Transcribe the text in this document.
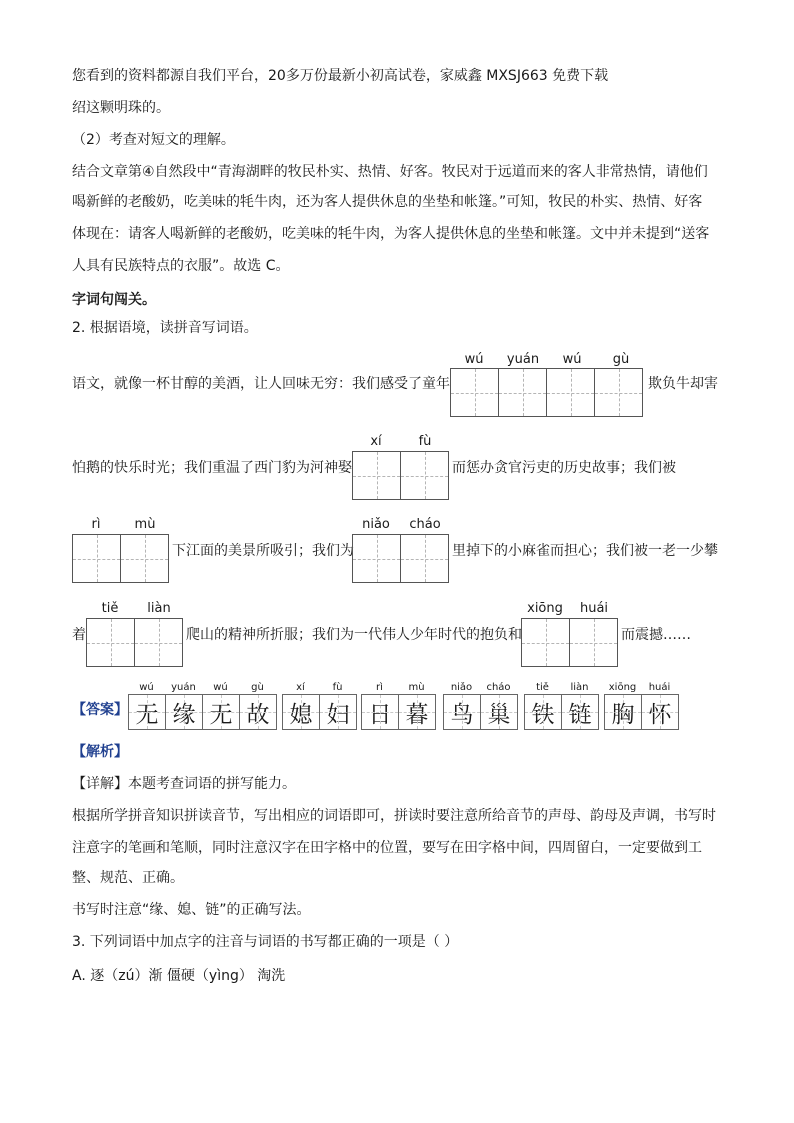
您看到的资料都源自我们平台，20多万份最新小初高试卷，家威鑫 MXSJ663 免费下载
绍这颗明珠的。
（2）考查对短文的理解。
结合文章第④自然段中“青海湖畔的牧民朴实、热情、好客。牧民对于远道而来的客人非常热情，请他们
喝新鲜的老酸奶，吃美味的牦牛肉，还为客人提供休息的坐垫和帐篷。”可知，牧民的朴实、热情、好客
体现在：请客人喝新鲜的老酸奶，吃美味的牦牛肉，为客人提供休息的坐垫和帐篷。文中并未提到“送客
人具有民族特点的衣服”。故选 C。
字词句闯关。
2. 根据语境，读拼音写词语。
wú	yuán	wú	gù
语文，就像一杯甘醇的美酒，让人回味无穷：我们感受了童年	欺负牛却害
xí	fù
怕鹅的快乐时光；我们重温了西门豹为河神娶	而惩办贪官污吏的历史故事；我们被
rì	mù
下江面的美景所吸引；我们为
niǎo	cháo
里掉下的小麻雀而担心；我们被一老一少攀
着
tiě	liàn
爬山的精神所折服；我们为一代伟人少年时代的抱负和
xiōng	huái
而震撼……
【答案】
wú	yuán	wú	gù
无 缘 无 故
xí	fù
媳 妇
rì	mù
日 暮
niǎo	cháo
鸟 巢
tiě	liàn
铁 链
xiōng	huái
胸 怀
【解析】
【详解】本题考查词语的拼写能力。
根据所学拼音知识拼读音节，写出相应的词语即可，拼读时要注意所给音节的声母、韵母及声调，书写时
注意字的笔画和笔顺，同时注意汉字在田字格中的位置，要写在田字格中间，四周留白，一定要做到工
整、规范、正确。
书写时注意“缘、媳、链”的正确写法。
3. 下列词语中加点字的注音与词语的书写都正确的一项是（ ）
A. 逐（zú）渐 僵硬（yìng） 淘洗
